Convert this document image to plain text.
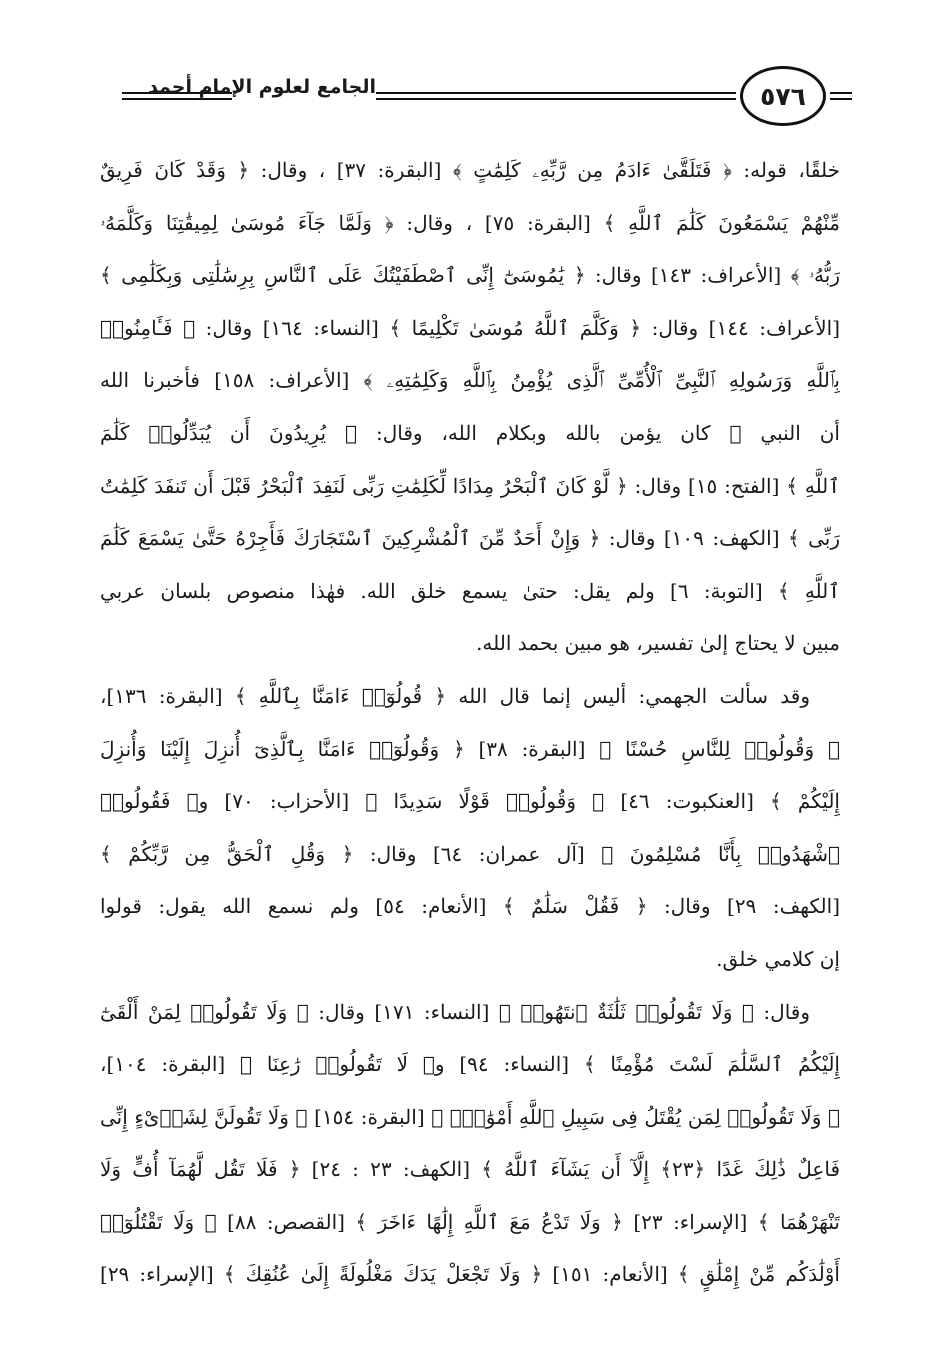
الجامع لعلوم الإمام أحمد	٥٧٦
خلقًا، قوله: ﴿ فَتَلَقَّىٰ ءَادَمُ مِن رَّبِّهِۦ كَلِمَٰتٍ ﴾ [البقرة: ٣٧] ، وقال: ﴿ وَقَدْ كَانَ فَرِيقٌ
مِّنْهُمْ يَسْمَعُونَ كَلَٰمَ ٱللَّهِ ﴾ [البقرة: ٧٥] ، وقال: ﴿ وَلَمَّا جَآءَ مُوسَىٰ لِمِيقَٰتِنَا وَكَلَّمَهُۥ
رَبُّهُۥ ﴾ [الأعراف: ١٤٣] وقال: ﴿ يَٰمُوسَىٰٓ إِنِّى ٱصْطَفَيْتُكَ عَلَى ٱلنَّاسِ بِرِسَٰلَٰتِى وَبِكَلَٰمِى ﴾
[الأعراف: ١٤٤] وقال: ﴿ وَكَلَّمَ ٱللَّهُ مُوسَىٰ تَكْلِيمًا ﴾ [النساء: ١٦٤] وقال: ﴿ فَـَٔامِنُوا۟
بِٱللَّهِ وَرَسُولِهِ ٱلنَّبِىِّ ٱلْأُمِّىِّ ٱلَّذِى يُؤْمِنُ بِٱللَّهِ وَكَلِمَٰتِهِۦ ﴾ [الأعراف: ١٥٨] فأخبرنا الله
أن النبي ﷺ كان يؤمن بالله وبكلام الله، وقال: ﴿ يُرِيدُونَ أَن يُبَدِّلُوا۟ كَلَٰمَ
ٱللَّهِ ﴾ [الفتح: ١٥] وقال: ﴿ لَّوْ كَانَ ٱلْبَحْرُ مِدَادًا لِّكَلِمَٰتِ رَبِّى لَنَفِدَ ٱلْبَحْرُ قَبْلَ أَن تَنفَدَ كَلِمَٰتُ
رَبِّى ﴾ [الكهف: ١٠٩] وقال: ﴿ وَإِنْ أَحَدٌ مِّنَ ٱلْمُشْرِكِينَ ٱسْتَجَارَكَ فَأَجِرْهُ حَتَّىٰ يَسْمَعَ كَلَٰمَ
ٱللَّهِ ﴾ [التوبة: ٦] ولم يقل: حتىٰ يسمع خلق الله. فهٰذا منصوص بلسان عربي
مبين لا يحتاج إلىٰ تفسير، هو مبين بحمد الله.
وقد سألت الجهمي: أليس إنما قال الله ﴿ قُولُوٓا۟ ءَامَنَّا بِٱللَّهِ ﴾ [البقرة: ١٣٦]،
﴿ وَقُولُوا۟ لِلنَّاسِ حُسْنًا ﴾ [البقرة: ٣٨] ﴿ وَقُولُوٓا۟ ءَامَنَّا بِٱلَّذِىٓ أُنزِلَ إِلَيْنَا وَأُنزِلَ
إِلَيْكُمْ ﴾ [العنكبوت: ٤٦] ﴿ وَقُولُوا۟ قَوْلًا سَدِيدًا ﴾ [الأحزاب: ٧٠] و﴿ فَقُولُوا۟
ٱشْهَدُوا۟ بِأَنَّا مُسْلِمُونَ ﴾ [آل عمران: ٦٤] وقال: ﴿ وَقُلِ ٱلْحَقُّ مِن رَّبِّكُمْ ﴾
[الكهف: ٢٩] وقال: ﴿ فَقُلْ سَلَٰمٌ ﴾ [الأنعام: ٥٤] ولم نسمع الله يقول: قولوا
إن كلامي خلق.
وقال: ﴿ وَلَا تَقُولُوا۟ ثَلَٰثَةٌ ٱنتَهُوا۟ ﴾ [النساء: ١٧١] وقال: ﴿ وَلَا تَقُولُوا۟ لِمَنْ أَلْقَىٰٓ
إِلَيْكُمُ ٱلسَّلَٰمَ لَسْتَ مُؤْمِنًا ﴾ [النساء: ٩٤] و﴿ لَا تَقُولُوا۟ رَٰعِنَا ﴾ [البقرة: ١٠٤]،
﴿ وَلَا تَقُولُوا۟ لِمَن يُقْتَلُ فِى سَبِيلِ ٱللَّهِ أَمْوَٰتٌۢ ﴾ [البقرة: ١٥٤] ﴿ وَلَا تَقُولَنَّ لِشَا۟ىْءٍ إِنِّى
فَاعِلٌ ذَٰلِكَ غَدًا ﴿٢٣﴾ إِلَّآ أَن يَشَآءَ ٱللَّهُ ﴾ [الكهف: ٢٣ : ٢٤] ﴿ فَلَا تَقُل لَّهُمَآ أُفٍّ وَلَا
تَنْهَرْهُمَا ﴾ [الإسراء: ٢٣] ﴿ وَلَا تَدْعُ مَعَ ٱللَّهِ إِلَٰهًا ءَاخَرَ ﴾ [القصص: ٨٨] ﴿ وَلَا تَقْتُلُوٓا۟
أَوْلَٰدَكُم مِّنْ إِمْلَٰقٍ ﴾ [الأنعام: ١٥١] ﴿ وَلَا تَجْعَلْ يَدَكَ مَغْلُولَةً إِلَىٰ عُنُقِكَ ﴾ [الإسراء: ٢٩]
